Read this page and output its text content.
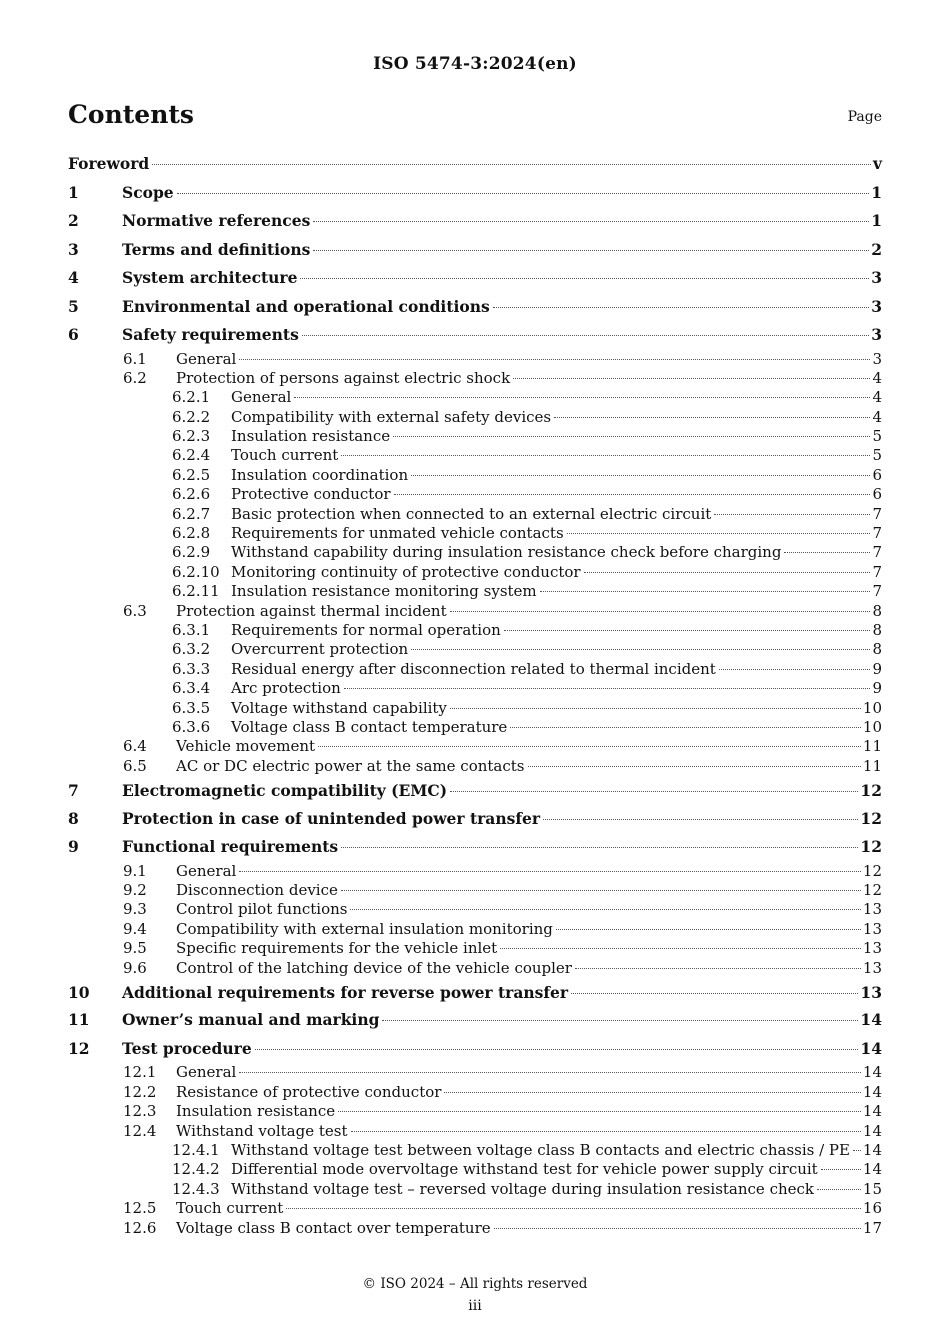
ISO 5474-3:2024(en)
Contents	Page
Foreword	v
1	Scope	1
2	Normative references	1
3	Terms and definitions	2
4	System architecture	3
5	Environmental and operational conditions	3
6	Safety requirements	3
6.1 General	3
6.2 Protection of persons against electric shock	4
6.2.1 General	4
6.2.2 Compatibility with external safety devices	4
6.2.3 Insulation resistance	5
6.2.4 Touch current	5
6.2.5 Insulation coordination	6
6.2.6 Protective conductor	6
6.2.7 Basic protection when connected to an external electric circuit	7
6.2.8 Requirements for unmated vehicle contacts	7
6.2.9 Withstand capability during insulation resistance check before charging	7
6.2.10 Monitoring continuity of protective conductor	7
6.2.11 Insulation resistance monitoring system	7
6.3 Protection against thermal incident	8
6.3.1 Requirements for normal operation	8
6.3.2 Overcurrent protection	8
6.3.3 Residual energy after disconnection related to thermal incident	9
6.3.4 Arc protection	9
6.3.5 Voltage withstand capability	10
6.3.6 Voltage class B contact temperature	10
6.4 Vehicle movement	11
6.5 AC or DC electric power at the same contacts	11
7	Electromagnetic compatibility (EMC)	12
8	Protection in case of unintended power transfer	12
9	Functional requirements	12
9.1 General	12
9.2 Disconnection device	12
9.3 Control pilot functions	13
9.4 Compatibility with external insulation monitoring	13
9.5 Specific requirements for the vehicle inlet	13
9.6 Control of the latching device of the vehicle coupler	13
10 Additional requirements for reverse power transfer	13
11 Owner’s manual and marking	14
12 Test procedure	14
12.1 General	14
12.2 Resistance of protective conductor	14
12.3 Insulation resistance	14
12.4 Withstand voltage test	14
12.4.1 Withstand voltage test between voltage class B contacts and electric chassis / PE 14
12.4.2 Differential mode overvoltage withstand test for vehicle power supply circuit	14
12.4.3 Withstand voltage test – reversed voltage during insulation resistance check	15
12.5 Touch current	16
12.6 Voltage class B contact over temperature	17
© ISO 2024 – All rights reserved
iii
